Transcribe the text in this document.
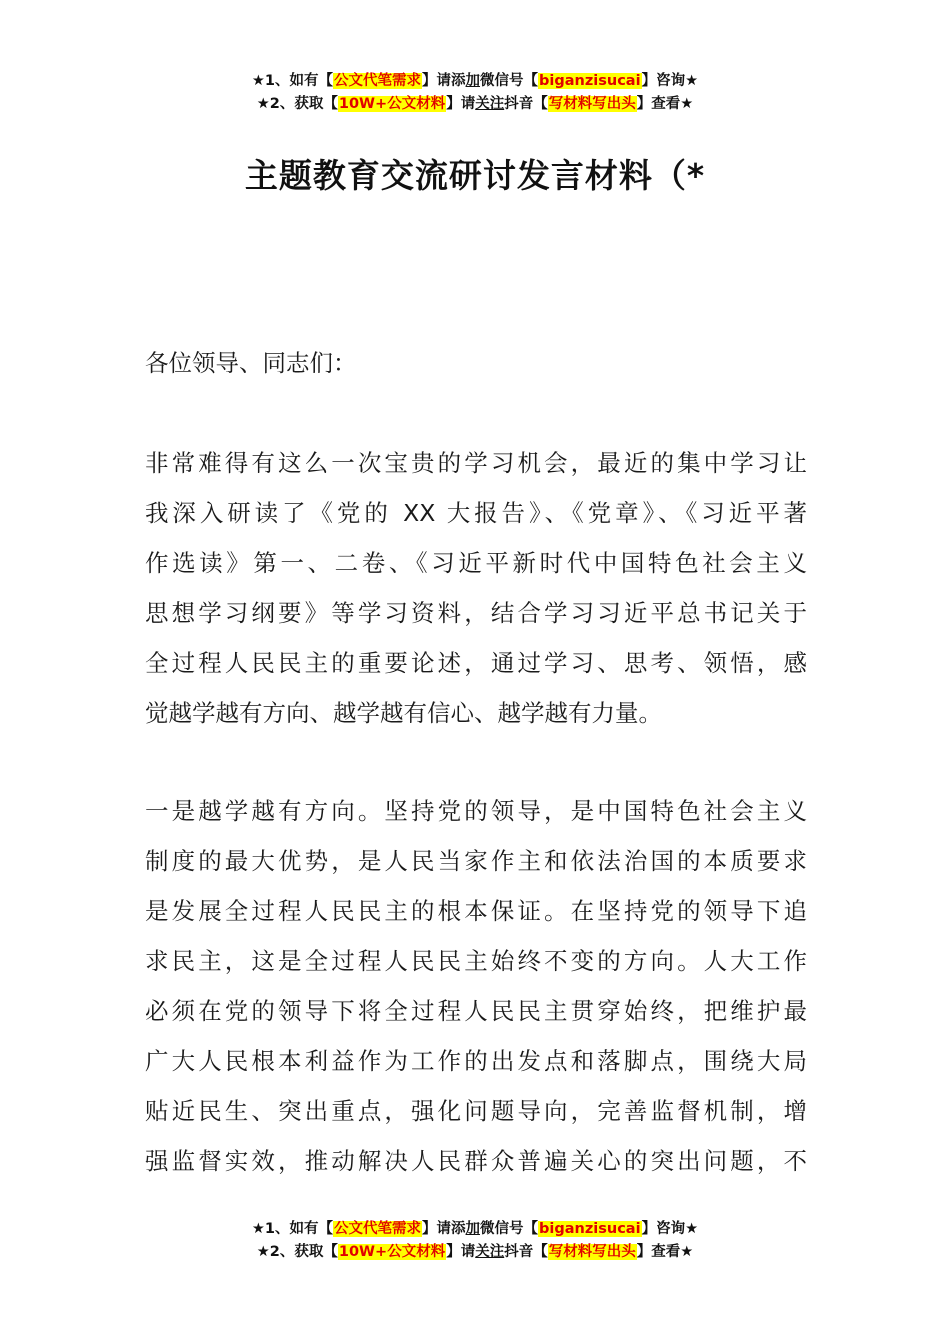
★1、如有【公文代笔需求】请添加微信号【biganzisucai】咨询★
★2、获取【10W+公文材料】请关注抖音【写材料写出头】查看★
主题教育交流研讨发言材料（*
各位领导、同志们：
非常难得有这么一次宝贵的学习机会，最近的集中学习让
我深入研读了《党的 XX 大报告》、《党章》、《习近平著
作选读》第一、二卷、《习近平新时代中国特色社会主义
思想学习纲要》等学习资料，结合学习习近平总书记关于
全过程人民民主的重要论述，通过学习、思考、领悟，感
觉越学越有方向、越学越有信心、越学越有力量。
一是越学越有方向。坚持党的领导，是中国特色社会主义
制度的最大优势，是人民当家作主和依法治国的本质要求
是发展全过程人民民主的根本保证。在坚持党的领导下追
求民主，这是全过程人民民主始终不变的方向。人大工作
必须在党的领导下将全过程人民民主贯穿始终，把维护最
广大人民根本利益作为工作的出发点和落脚点，围绕大局
贴近民生、突出重点，强化问题导向，完善监督机制，增
强监督实效，推动解决人民群众普遍关心的突出问题，不
★1、如有【公文代笔需求】请添加微信号【biganzisucai】咨询★
★2、获取【10W+公文材料】请关注抖音【写材料写出头】查看★
